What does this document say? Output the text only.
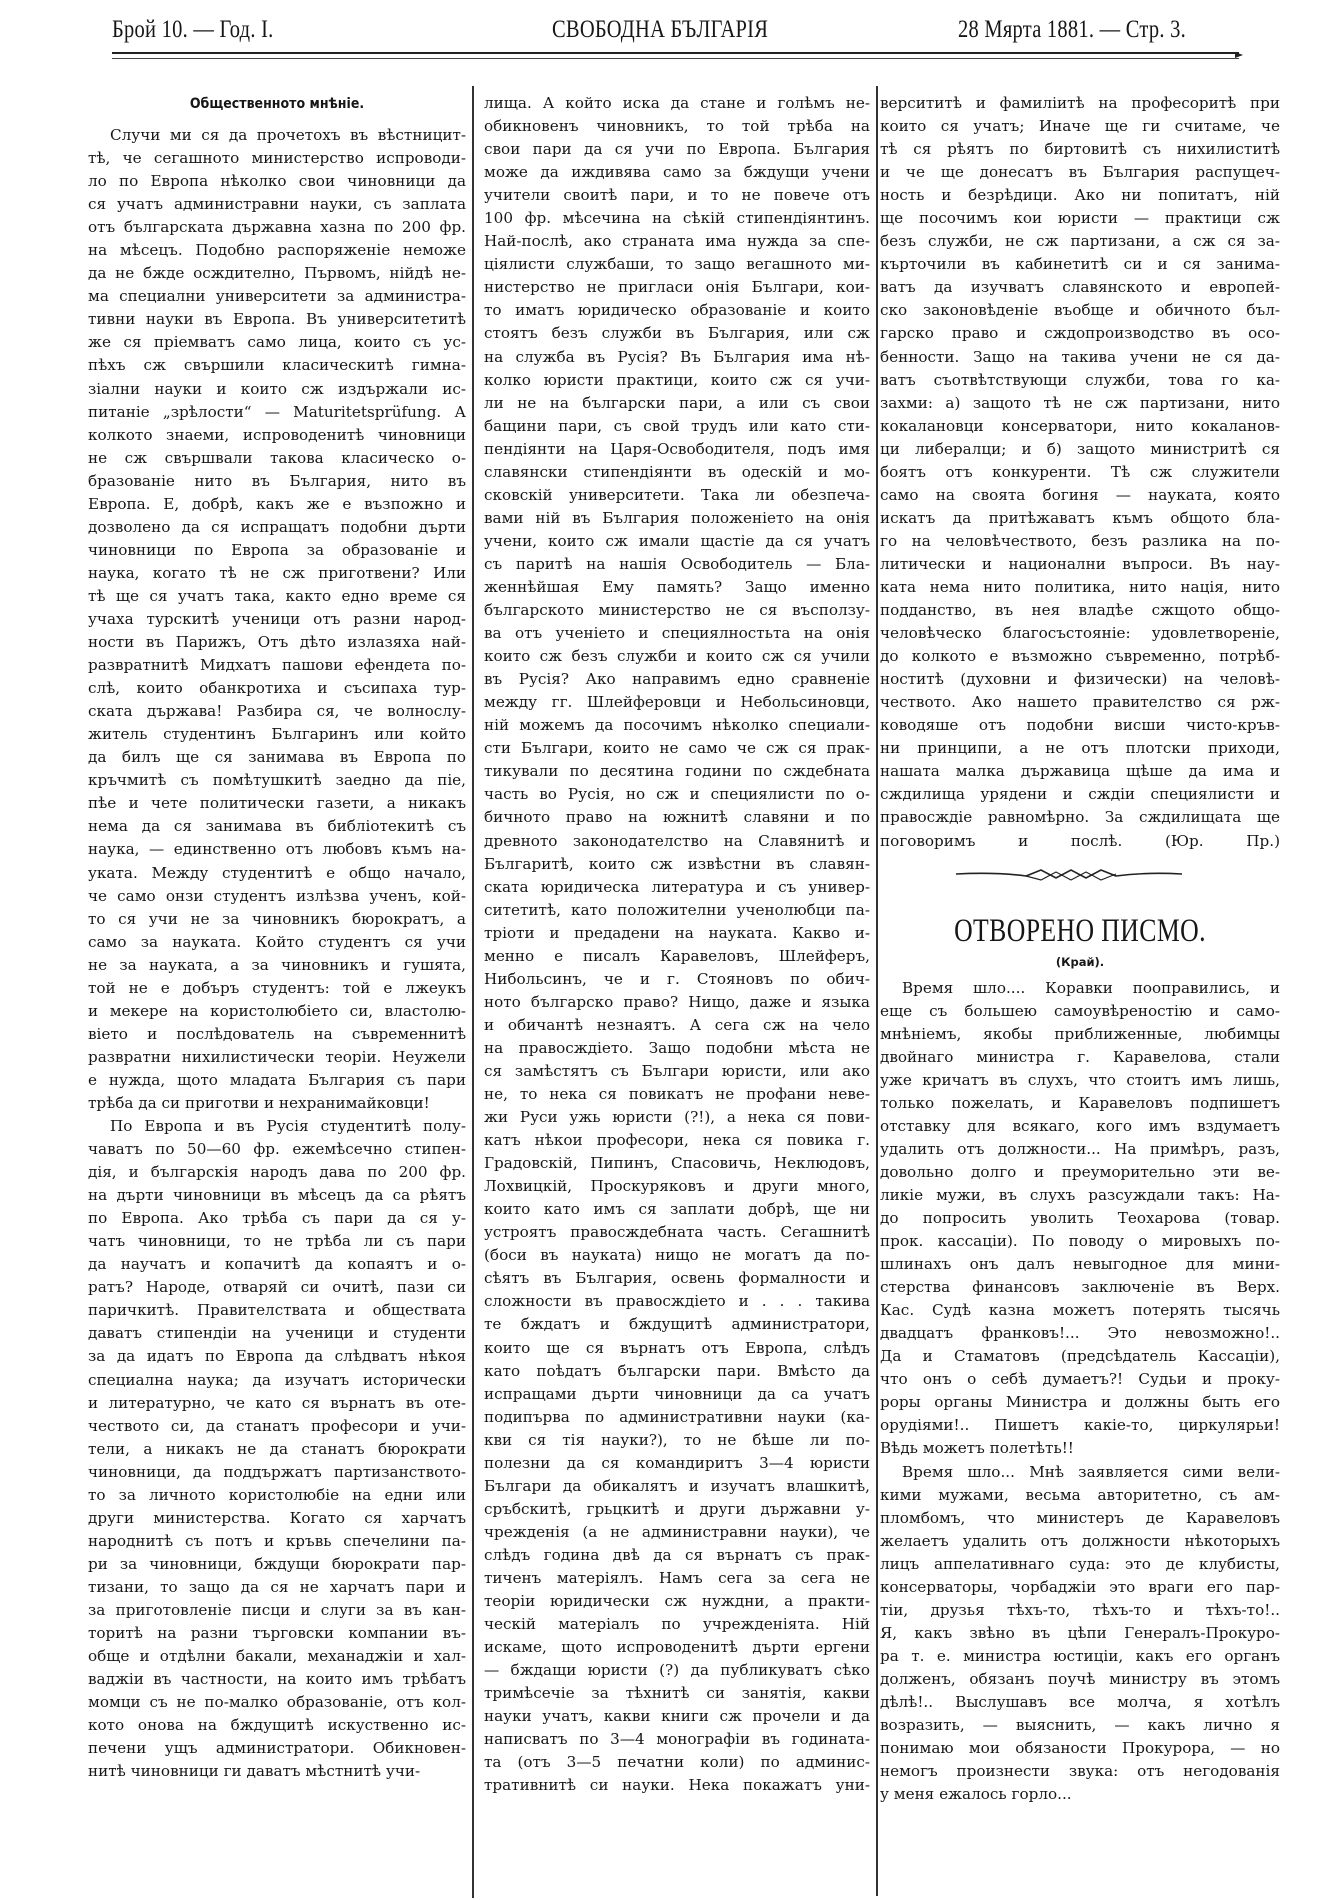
Брой 10. — Год. I.	СВОБОДНА БЪЛГАРІЯ	28 Мярта 1881. — Стр. 3.
Общественното мнѣніе.
Случи ми ся да прочетохъ въ вѣстницит-
тѣ, че сегашното министерство испроводи-
ло по Европа нѣколко свои чиновници да
ся учатъ администравни науки, съ заплата
отъ българската държавна хазна по 200 фр.
на мѣсецъ. Подобно распоряженіе неможе
да не бжде осждително, Първомъ, нійдѣ не-
ма специални университети за администра-
тивни науки въ Европа. Въ университетитѣ
же ся пріемватъ само лица, които съ ус-
пѣхъ сж свършили класическитѣ гимна-
зіални науки и които сж издържали ис-
питаніе „зрѣлости“ — Maturitetsprüfung. А
колкото знаеми, испроводенитѣ чиновници
не сж свършвали такова класическо о-
бразованіе нито въ България, нито въ
Европа. Е, добрѣ, какъ же е възпожно и
дозволено да ся испращатъ подобни дърти
чиновници по Европа за образованіе и
наука, когато тѣ не сж приготвени? Или
тѣ ще ся учатъ така, както едно време ся
учаха турскитѣ ученици отъ разни народ-
ности въ Парижъ, Отъ дѣто излазяха най-
развратнитѣ Мидхатъ пашови ефендета по-
слѣ, които обанкротиха и съсипаха тур-
ската държава! Разбира ся, че волнослу-
житель студентинъ Българинъ или който
да билъ ще ся занимава въ Европа по
кръчмитѣ съ помѣтушкитѣ заедно да піе,
пѣе и чете политически газети, а никакъ
нема да ся занимава въ библіотекитѣ съ
наука, — единственно отъ любовъ къмъ на-
уката. Между студентитѣ е общо начало,
че само онзи студентъ излѣзва ученъ, кой-
то ся учи не за чиновникъ бюрократъ, а
само за науката. Който студентъ ся учи
не за науката, а за чиновникъ и гушята,
той не е добъръ студентъ: той е лжеукъ
и мекере на користолюбіето си, властолю-
віето и послѣдователь на съвременнитѣ
развратни нихилистически теоріи. Неужели
е нужда, щото младата България съ пари
трѣба да си приготви и нехранимайковци!
По Европа и въ Русія студентитѣ полу-
чаватъ по 50—60 фр. ежемѣсечно стипен-
дія, и българскія народъ дава по 200 фр.
на дърти чиновници въ мѣсецъ да са рѣятъ
по Европа. Ако трѣба съ пари да ся у-
чатъ чиновници, то не трѣба ли съ пари
да научатъ и копачитѣ да копаятъ и о-
ратъ? Народе, отваряй си очитѣ, пази си
паричкитѣ. Правителствата и обществата
даватъ стипендіи на ученици и студенти
за да идатъ по Европа да слѣдватъ нѣкоя
специална наука; да изучатъ исторически
и литературно, че като ся върнатъ въ оте-
чеството си, да станатъ професори и учи-
тели, а никакъ не да станатъ бюрократи
чиновници, да поддържатъ партизанството-
то за личното користолюбіе на едни или
други министерства. Когато ся харчатъ
народнитѣ съ потъ и кръвь спечелини па-
ри за чиновници, бждущи бюрократи пар-
тизани, то защо да ся не харчатъ пари и
за приготовленіе писци и слуги за въ кан-
торитѣ на разни търговски компании въ-
обще и отдѣлни бакали, механаджіи и хал-
ваджіи въ частности, на които имъ трѣбатъ
момци съ не по-малко образованіе, отъ кол-
кото онова на бждущитѣ искуственно ис-
печени ущъ администратори. Обикновен-
нитѣ чиновници ги даватъ мѣстнитѣ учи-
лища. А който иска да стане и голѣмъ не-
обикновенъ чиновникъ, то той трѣба на
свои пари да ся учи по Европа. България
може да иждивява само за бждущи учени
учители своитѣ пари, и то не повече отъ
100 фр. мѣсечина на сѣкій стипендіянтинъ.
Най-послѣ, ако страната има нужда за спе-
ціялисти службаши, то защо вегашното ми-
нистерство не пригласи онія Българи, кои-
то иматъ юридическо образованіе и които
стоятъ безъ служби въ България, или сж
на служба въ Русія? Въ България има нѣ-
колко юристи практици, които сж ся учи-
ли не на български пари, а или съ свои
бащини пари, съ свой трудъ или като сти-
пендіянти на Царя-Освободителя, подъ имя
славянски стипендіянти въ одескій и мо-
сковскій университети. Така ли обезпеча-
вами ній въ България положеніето на онія
учени, които сж имали щастіе да ся учатъ
съ паритѣ на нашія Освободитель — Бла-
женнѣйшая Ему память? Защо именно
българското министерство не ся въсползу-
ва отъ ученіето и специялностьта на онія
които сж безъ служби и които сж ся учили
въ Русія? Ако направимъ едно сравненіе
между гг. Шлейферовци и Небольсиновци,
ній можемъ да посочимъ нѣколко специали-
сти Българи, които не само че сж ся прак-
тикували по десятина години по сждебната
часть во Русія, но сж и специялисти по о-
бичното право на южнитѣ славяни и по
древното законодателство на Славянитѣ и
Българитѣ, които сж извѣстни въ славян-
ската юридическа литература и съ универ-
ситетитѣ, като положителни ученолюбци па-
тріоти и предадени на науката. Какво и-
менно е писалъ Каравеловъ, Шлейферъ,
Нибольсинъ, че и г. Стояновъ по обич-
ното българско право? Нищо, даже и языка
и обичантѣ незнаятъ. А сега сж на чело
на правосждіето. Защо подобни мѣста не
ся замѣстятъ съ Българи юристи, или ако
не, то нека ся повикатъ не профани неве-
жи Руси ужь юристи (?!), а нека ся пови-
катъ нѣкои професори, нека ся повика г.
Градовскій, Пипинъ, Спасовичь, Неклюдовъ,
Лохвицкій, Проскуряковъ и други много,
които като имъ ся заплати добрѣ, ще ни
устроятъ правосждебната часть. Сегашнитѣ
(боси въ науката) нищо не могатъ да по-
сѣятъ въ България, освень формалности и
сложности въ правосждіето и . . . такива
те бждатъ и бждущитѣ администратори,
които ще ся върнатъ отъ Европа, слѣдъ
като поѣдатъ български пари. Вмѣсто да
испращами дърти чиновници да са учатъ
подипърва по административни науки (ка-
кви ся тія науки?), то не бѣше ли по-
полезни да ся командиритъ 3—4 юристи
Българи да обикалятъ и изучатъ влашкитѣ,
сръбскитѣ, грьцкитѣ и други държавни у-
чрежденія (а не администравни науки), че
слѣдъ година двѣ да ся върнатъ съ прак-
тиченъ матеріялъ. Намъ сега за сега не
теоріи юридически сж нуждни, а практи-
ческій матеріалъ по учрежденіята. Ній
искаме, щото испроводенитѣ дърти ергени
— бждащи юристи (?) да публикуватъ сѣко
тримѣсечіе за тѣхнитѣ си занятія, какви
науки учатъ, какви книги сж прочели и да
написватъ по 3—4 монографіи въ годината-
та (отъ 3—5 печатни коли) по админис-
тративнитѣ си науки. Нека покажатъ уни-
версититѣ и фамиліитѣ на професоритѣ при
които ся учатъ; Иначе ще ги считаме, че
тѣ ся рѣятъ по биртовитѣ съ нихилиститѣ
и че ще донесатъ въ България распущеч-
ность и безрѣдици. Ако ни попитатъ, ній
ще посочимъ кои юристи — практици сж
безъ служби, не сж партизани, а сж ся за-
кърточили въ кабинетитѣ си и ся занима-
ватъ да изучватъ славянското и европей-
ско законовѣденіе въобще и обичното бъл-
гарско право и сждопроизводство въ осо-
бенности. Защо на такива учени не ся да-
ватъ съотвѣтствующи служби, това го ка-
захми: а) защото тѣ не сж партизани, нито
кокалановци консерватори, нито кокаланов-
ци либералци; и б) защото министритѣ ся
боятъ отъ конкуренти. Тѣ сж служители
само на своята богиня — науката, която
искатъ да притѣжаватъ къмъ общото бла-
го на человѣчеството, безъ разлика на по-
литически и национални въпроси. Въ нау-
ката нема нито политика, нито нація, нито
подданство, въ нея владѣе сжщото общо-
человѣческо благосъстояніе: удовлетвореніе,
до колкото е възможно съвременно, потрѣб-
ноститѣ (духовни и физически) на человѣ-
чеството. Ако нашето правителство ся рж-
ководяше отъ подобни висши чисто-кръв-
ни принципи, а не отъ плотски приходи,
нашата малка държавица щѣше да има и
сждилища урядени и сждіи специялисти и
правосждіе равномѣрно. За сждилищата ще
поговоримъ и послѣ.	(Юр. Пр.)
ОТВОРЕНО ПИСМО.
(Край).
Время шло.... Коравки пооправились, и
еще съ большею самоувѣреностію и само-
мнѣніемъ, якобы приближенные, любимцы
двойнаго министра г. Каравелова, стали
уже кричатъ въ слухъ, что стоитъ имъ лишь,
только пожелать, и Каравеловъ подпишетъ
отставку для всякаго, кого имъ вздумаетъ
удалить отъ должности... На примѣръ, разъ,
довольно долго и преуморительно эти ве-
ликіе мужи, въ слухъ разсуждали такъ: На-
до попросить уволить Теохарова (товар.
прок. кассаціи). По поводу о мировыхъ по-
шлинахъ онъ далъ невыгодное для мини-
стерства финансовъ заключеніе въ Верх.
Кас. Судѣ казна можетъ потерять тысячь
двадцатъ франковъ!... Это невозможно!..
Да и Стаматовъ (предсѣдатель Кассаціи),
что онъ о себѣ думаетъ?! Судьи и проку-
роры органы Министра и должны быть его
орудіями!.. Пишетъ какіе-то, циркулярьи!
Вѣдь можетъ полетѣть!!
Время шло... Мнѣ заявляется сими вели-
кими мужами, весьма авторитетно, съ ам-
пломбомъ, что министеръ де Каравеловъ
желаетъ удалить отъ должности нѣкоторыхъ
лицъ аппелативнаго суда: это де клубисты,
консерваторы, чорбаджіи это враги его пар-
тіи, друзья тѣхъ-то, тѣхъ-то и тѣхъ-то!..
Я, какъ звѣно въ цѣпи Генералъ-Прокуро-
ра т. е. министра юстиціи, какъ его органъ
долженъ, обязанъ поучѣ министру въ этомъ
дѣлѣ!.. Выслушавъ все молча, я хотѣлъ
возразить, — выяснить, — какъ лично я
понимаю мои обязаности Прокурора, — но
немогъ произнести звука: отъ негодованія
у меня ежалось горло...
